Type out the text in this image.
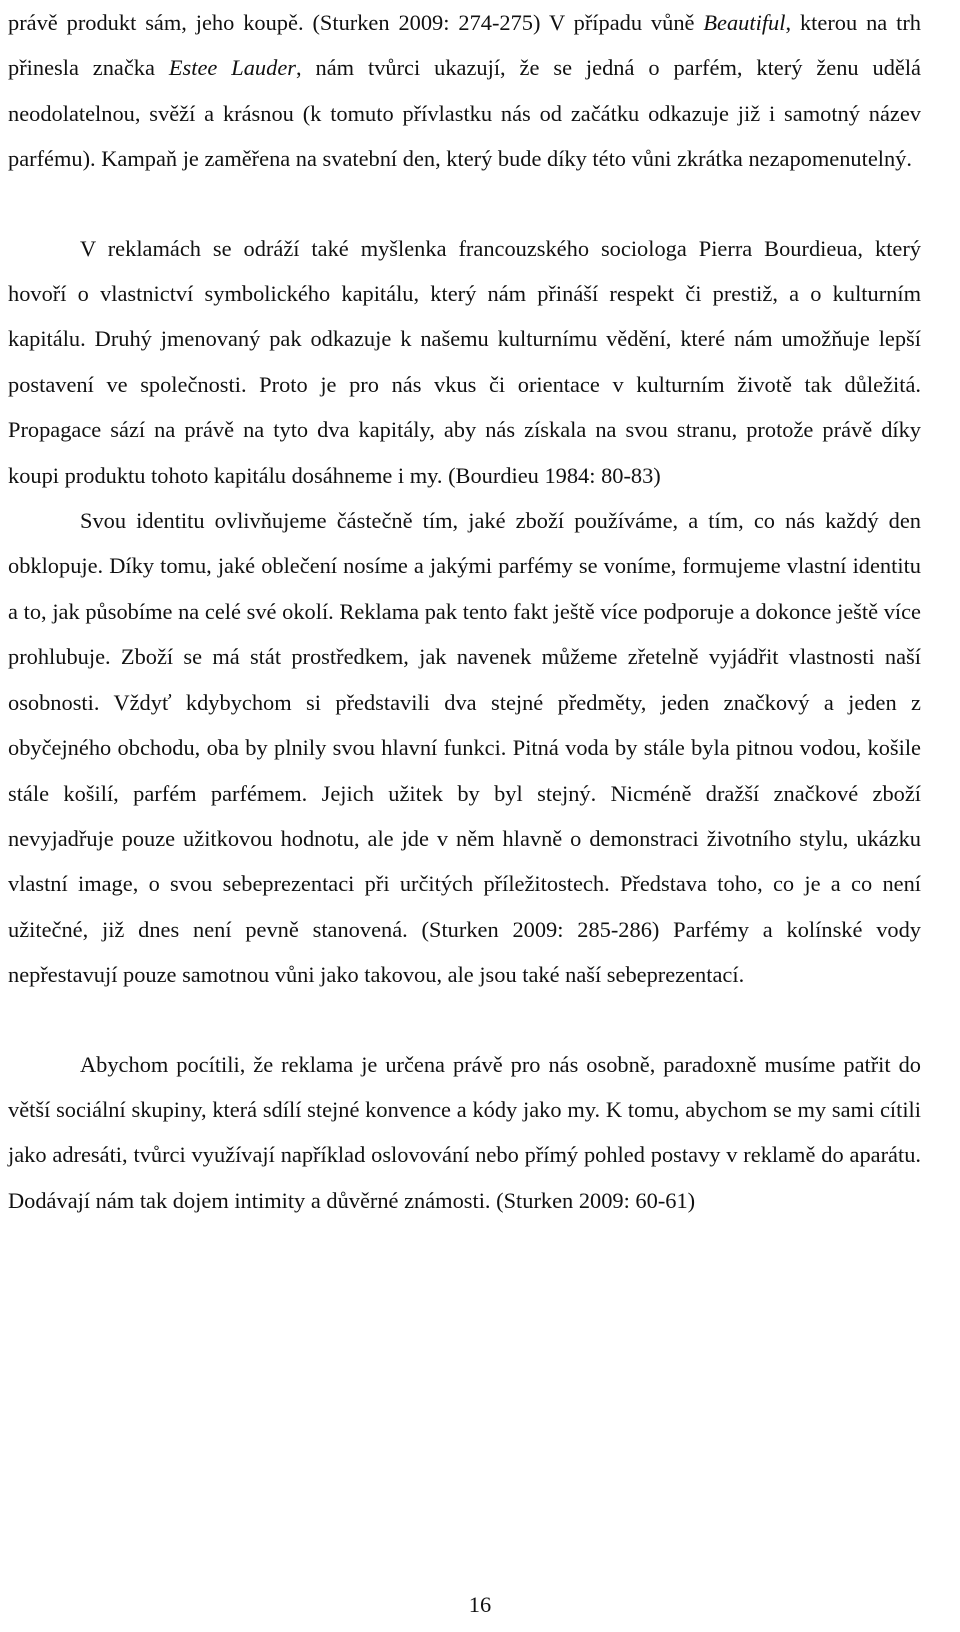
právě produkt sám, jeho koupě. (Sturken 2009: 274-275) V případu vůně Beautiful, kterou na trh přinesla značka Estee Lauder, nám tvůrci ukazují, že se jedná o parfém, který ženu udělá neodolatelnou, svěží a krásnou (k tomuto přívlastku nás od začátku odkazuje již i samotný název parfému). Kampaň je zaměřena na svatební den, který bude díky této vůni zkrátka nezapomenutelný.

V reklamách se odráží také myšlenka francouzského sociologa Pierra Bourdieua, který hovoří o vlastnictví symbolického kapitálu, který nám přináší respekt či prestiž, a o kulturním kapitálu. Druhý jmenovaný pak odkazuje k našemu kulturnímu vědění, které nám umožňuje lepší postavení ve společnosti. Proto je pro nás vkus či orientace v kulturním životě tak důležitá. Propagace sází na právě na tyto dva kapitály, aby nás získala na svou stranu, protože právě díky koupi produktu tohoto kapitálu dosáhneme i my. (Bourdieu 1984: 80-83)

Svou identitu ovlivňujeme částečně tím, jaké zboží používáme, a tím, co nás každý den obklopuje. Díky tomu, jaké oblečení nosíme a jakými parfémy se voníme, formujeme vlastní identitu a to, jak působíme na celé své okolí. Reklama pak tento fakt ještě více podporuje a dokonce ještě více prohlubuje. Zboží se má stát prostředkem, jak navenek můžeme zřetelně vyjádřit vlastnosti naší osobnosti. Vždyť kdybychom si představili dva stejné předměty, jeden značkový a jeden z obyčejného obchodu, oba by plnily svou hlavní funkci. Pitná voda by stále byla pitnou vodou, košile stále košilí, parfém parfémem. Jejich užitek by byl stejný. Nicméně dražší značkové zboží nevyjadřuje pouze užitkovou hodnotu, ale jde v něm hlavně o demonstraci životního stylu, ukázku vlastní image, o svou sebeprezentaci při určitých příležitostech. Představa toho, co je a co není užitečné, již dnes není pevně stanovená. (Sturken 2009: 285-286) Parfémy a kolínské vody nepřestavují pouze samotnou vůni jako takovou, ale jsou také naší sebeprezentací.

Abychom pocítili, že reklama je určena právě pro nás osobně, paradoxně musíme patřit do větší sociální skupiny, která sdílí stejné konvence a kódy jako my. K tomu, abychom se my sami cítili jako adresáti, tvůrci využívají například oslovování nebo přímý pohled postavy v reklamě do aparátu. Dodávají nám tak dojem intimity a důvěrné známosti. (Sturken 2009: 60-61)

16
